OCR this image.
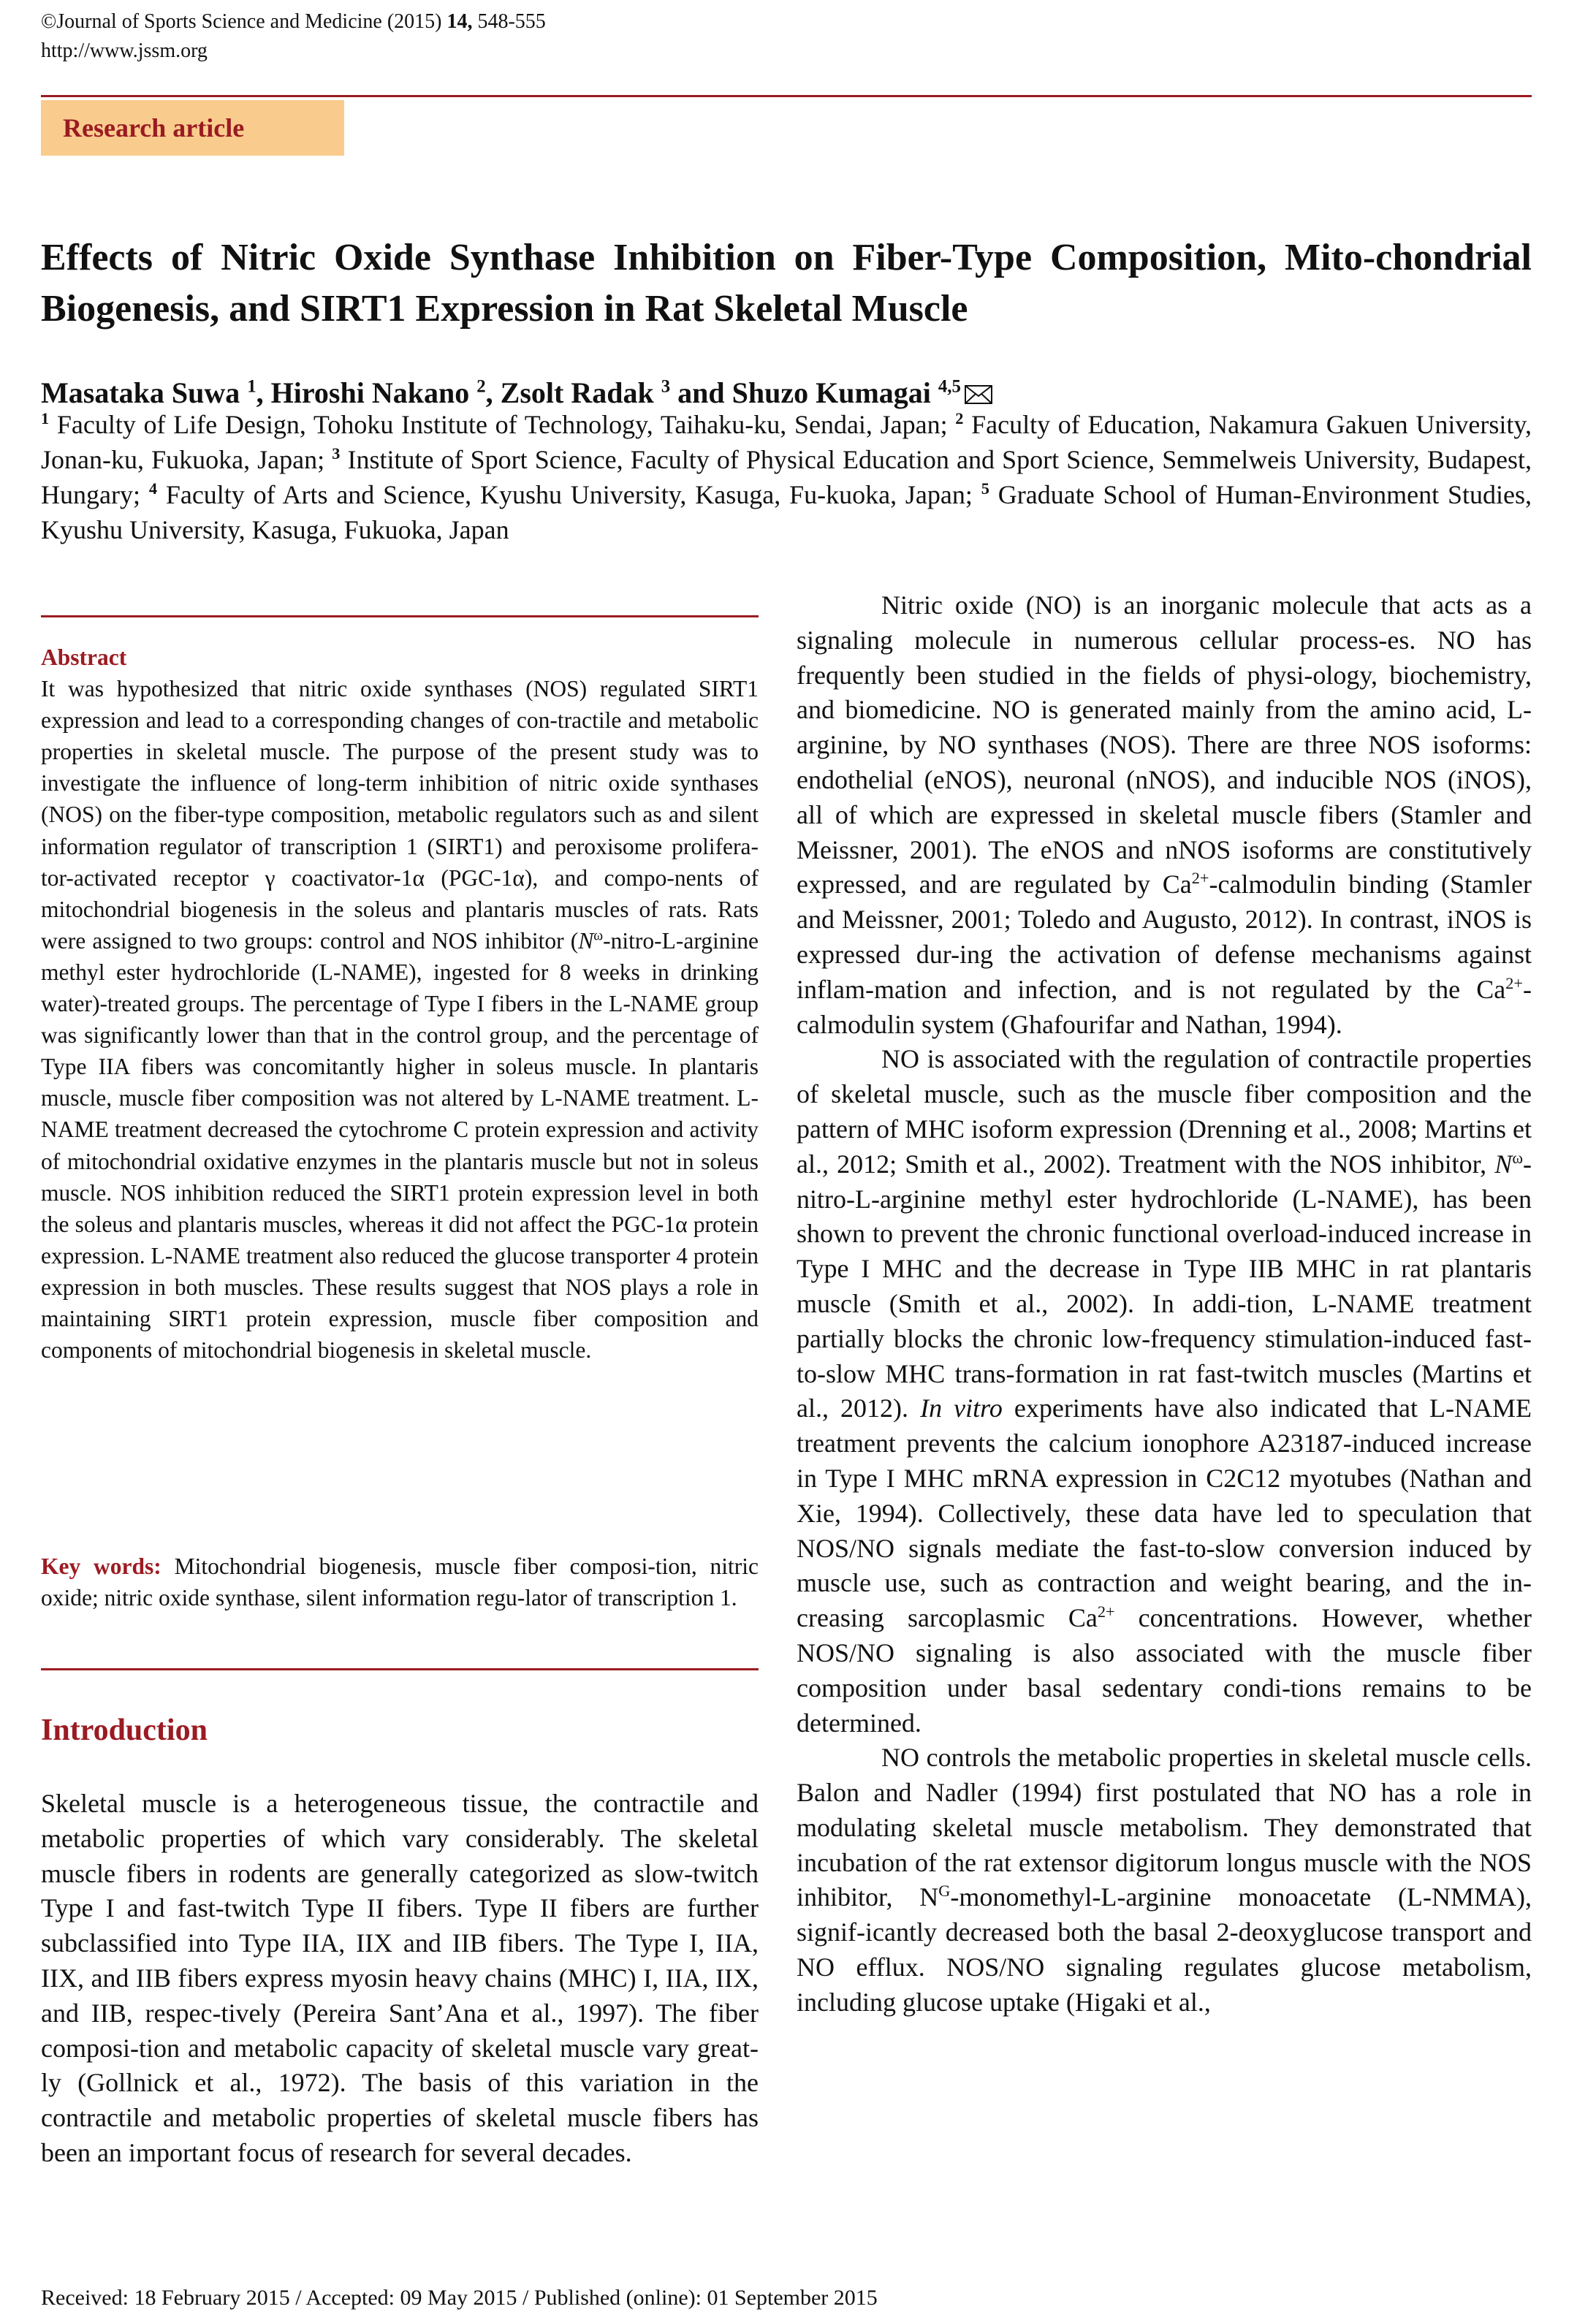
©Journal of Sports Science and Medicine (2015) 14, 548-555
http://www.jssm.org
Research article
Effects of Nitric Oxide Synthase Inhibition on Fiber-Type Composition, Mito-chondrial Biogenesis, and SIRT1 Expression in Rat Skeletal Muscle
Masataka Suwa $^1$, Hiroshi Nakano $^2$, Zsolt Radak $^3$ and Shuzo Kumagai $^{4,5}$
$^1$ Faculty of Life Design, Tohoku Institute of Technology, Taihaku-ku, Sendai, Japan; $^2$ Faculty of Education, Nakamura Gakuen University, Jonan-ku, Fukuoka, Japan; $^3$ Institute of Sport Science, Faculty of Physical Education and Sport Science, Semmelweis University, Budapest, Hungary; $^4$ Faculty of Arts and Science, Kyushu University, Kasuga, Fu-kuoka, Japan; $^5$ Graduate School of Human-Environment Studies, Kyushu University, Kasuga, Fukuoka, Japan
Abstract
It was hypothesized that nitric oxide synthases (NOS) regulated SIRT1 expression and lead to a corresponding changes of con-tractile and metabolic properties in skeletal muscle. The purpose of the present study was to investigate the influence of long-term inhibition of nitric oxide synthases (NOS) on the fiber-type composition, metabolic regulators such as and silent information regulator of transcription 1 (SIRT1) and peroxisome prolifera-tor-activated receptor γ coactivator-1α (PGC-1α), and compo-nents of mitochondrial biogenesis in the soleus and plantaris muscles of rats. Rats were assigned to two groups: control and NOS inhibitor ($N^\omega-nitro-L$-arginine methyl ester hydrochloride (L-NAME), ingested for 8 weeks in drinking water)-treated groups. The percentage of Type I fibers in the L-NAME group was significantly lower than that in the control group, and the percentage of Type IIA fibers was concomitantly higher in soleus muscle. In plantaris muscle, muscle fiber composition was not altered by L-NAME treatment. L-NAME treatment decreased the cytochrome C protein expression and activity of mitochondrial oxidative enzymes in the plantaris muscle but not in soleus muscle. NOS inhibition reduced the SIRT1 protein expression level in both the soleus and plantaris muscles, whereas it did not affect the PGC-1α protein expression. L-NAME treatment also reduced the glucose transporter 4 protein expression in both muscles. These results suggest that NOS plays a role in maintaining SIRT1 protein expression, muscle fiber composition and components of mitochondrial biogenesis in skeletal muscle.
Key words: Mitochondrial biogenesis, muscle fiber composi-tion, nitric oxide; nitric oxide synthase, silent information regu-lator of transcription 1.
Introduction
Skeletal muscle is a heterogeneous tissue, the contractile and metabolic properties of which vary considerably. The skeletal muscle fibers in rodents are generally categorized as slow-twitch Type I and fast-twitch Type II fibers. Type II fibers are further subclassified into Type IIA, IIX and IIB fibers. The Type I, IIA, IIX, and IIB fibers express myosin heavy chains (MHC) I, IIA, IIX, and IIB, respec-tively (Pereira Sant’Ana et al., 1997). The fiber composi-tion and metabolic capacity of skeletal muscle vary great-ly (Gollnick et al., 1972). The basis of this variation in the contractile and metabolic properties of skeletal muscle fibers has been an important focus of research for several decades.

Nitric oxide (NO) is an inorganic molecule that acts as a signaling molecule in numerous cellular process-es. NO has frequently been studied in the fields of physi-ology, biochemistry, and biomedicine. NO is generated mainly from the amino acid, L-arginine, by NO synthases (NOS). There are three NOS isoforms: endothelial (eNOS), neuronal (nNOS), and inducible NOS (iNOS), all of which are expressed in skeletal muscle fibers (Stamler and Meissner, 2001). The eNOS and nNOS isoforms are constitutively expressed, and are regulated by $Ca^{2+}$-calmodulin binding (Stamler and Meissner, 2001; Toledo and Augusto, 2012). In contrast, iNOS is expressed dur-ing the activation of defense mechanisms against inflam-mation and infection, and is not regulated by the $Ca^{2+}$-calmodulin system (Ghafourifar and Nathan, 1994).

NO is associated with the regulation of contractile properties of skeletal muscle, such as the muscle fiber composition and the pattern of MHC isoform expression (Drenning et al., 2008; Martins et al., 2012; Smith et al., 2002). Treatment with the NOS inhibitor, $N^\omega-nitro-L$-arginine methyl ester hydrochloride (L-NAME), has been shown to prevent the chronic functional overload-induced increase in Type I MHC and the decrease in Type IIB MHC in rat plantaris muscle (Smith et al., 2002). In addi-tion, L-NAME treatment partially blocks the chronic low-frequency stimulation-induced fast-to-slow MHC trans-formation in rat fast-twitch muscles (Martins et al., 2012). In vitro experiments have also indicated that L-NAME treatment prevents the calcium ionophore A23187-induced increase in Type I MHC mRNA expression in C2C12 myotubes (Nathan and Xie, 1994). Collectively, these data have led to speculation that NOS/NO signals mediate the fast-to-slow conversion induced by muscle use, such as contraction and weight bearing, and the in-creasing sarcoplasmic $Ca^{2+}$ concentrations. However, whether NOS/NO signaling is also associated with the muscle fiber composition under basal sedentary condi-tions remains to be determined.

NO controls the metabolic properties in skeletal muscle cells. Balon and Nadler (1994) first postulated that NO has a role in modulating skeletal muscle metabolism. They demonstrated that incubation of the rat extensor digitorum longus muscle with the NOS inhibitor, $N^G-monomethyl-L$-arginine monoacetate (L-NMMA), signif-icantly decreased both the basal 2-deoxyglucose transport and NO efflux. NOS/NO signaling regulates glucose metabolism, including glucose uptake (Higaki et al.,

Received: 18 February 2015 / Accepted: 09 May 2015 / Published (online): 01 September 2015
